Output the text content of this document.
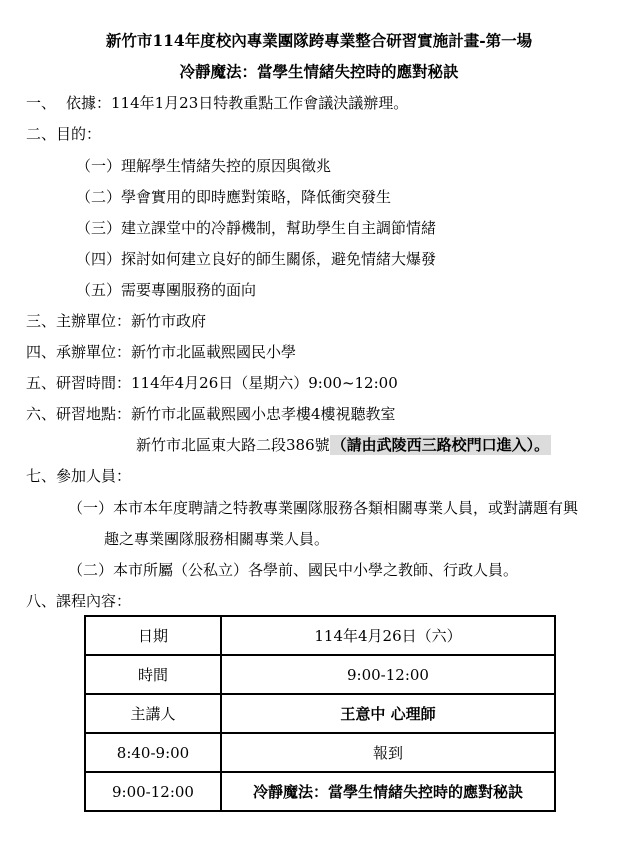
新竹市114年度校內專業團隊跨專業整合研習實施計畫-第一場
冷靜魔法：當學生情緒失控時的應對秘訣
一、 依據：114年1月23日特教重點工作會議決議辦理。
二、目的：
（一）理解學生情緒失控的原因與徵兆
（二）學會實用的即時應對策略，降低衝突發生
（三）建立課堂中的冷靜機制，幫助學生自主調節情緒
（四）探討如何建立良好的師生關係，避免情緒大爆發
（五）需要專團服務的面向
三、主辦單位：新竹市政府
四、承辦單位：新竹市北區載熙國民小學
五、研習時間：114年4月26日（星期六）9:00~12:00
六、研習地點：新竹市北區載熙國小忠孝樓4樓視聽教室
新竹市北區東大路二段386號 （請由武陵西三路校門口進入）。
七、參加人員：
（一）本市本年度聘請之特教專業團隊服務各類相關專業人員，或對講題有興
趣之專業團隊服務相關專業人員。
（二）本市所屬（公私立）各學前、國民中小學之教師、行政人員。
八、課程內容：
日期	114年4月26日（六）
時間	9:00-12:00
主講人	王意中 心理師
8:40-9:00	報到
9:00-12:00	冷靜魔法：當學生情緒失控時的應對秘訣
